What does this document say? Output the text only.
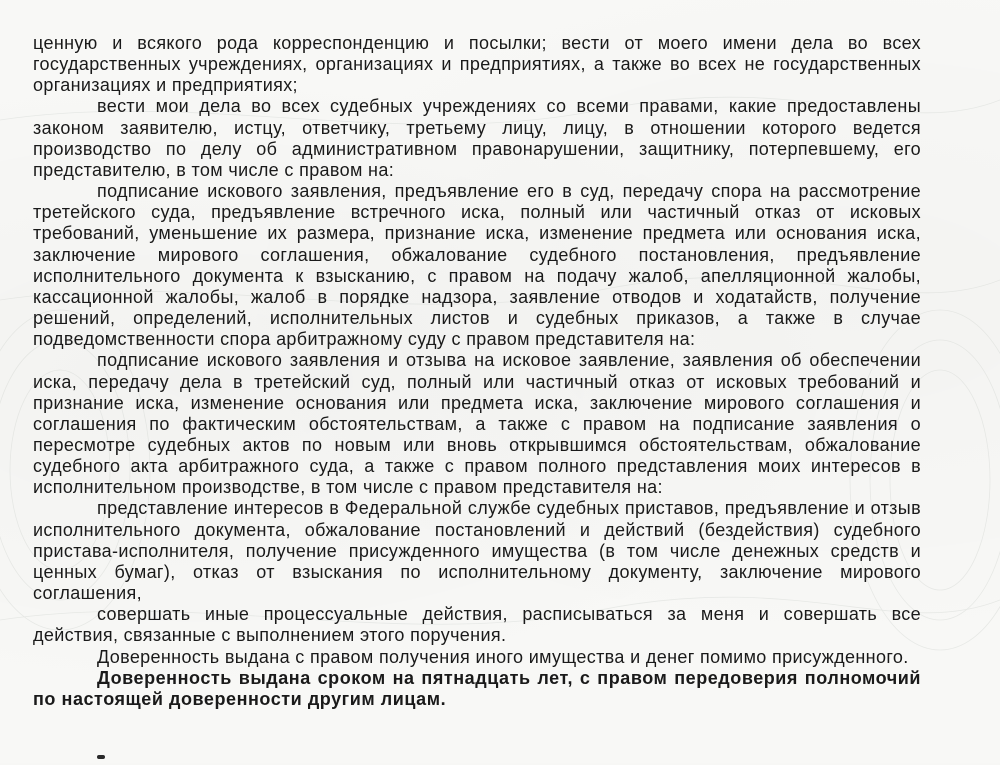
ценную и всякого рода корреспонденцию и посылки; вести от моего имени дела во всех государственных учреждениях, организациях и предприятиях, а также во всех не государственных организациях и предприятиях;

вести мои дела во всех судебных учреждениях со всеми правами, какие предоставлены законом заявителю, истцу, ответчику, третьему лицу, лицу, в отношении которого ведется производство по делу об административном правонарушении, защитнику, потерпевшему, его представителю, в том числе с правом на:

подписание искового заявления, предъявление его в суд, передачу спора на рассмотрение третейского суда, предъявление встречного иска, полный или частичный отказ от исковых требований, уменьшение их размера, признание иска, изменение предмета или основания иска, заключение мирового соглашения, обжалование судебного постановления, предъявление исполнительного документа к взысканию, с правом на подачу жалоб, апелляционной жалобы, кассационной жалобы, жалоб в порядке надзора, заявление отводов и ходатайств, получение решений, определений, исполнительных листов и судебных приказов, а также в случае подведомственности спора арбитражному суду с правом представителя на:

подписание искового заявления и отзыва на исковое заявление, заявления об обеспечении иска, передачу дела в третейский суд, полный или частичный отказ от исковых требований и признание иска, изменение основания или предмета иска, заключение мирового соглашения и соглашения по фактическим обстоятельствам, а также с правом на подписание заявления о пересмотре судебных актов по новым или вновь открывшимся обстоятельствам, обжалование судебного акта арбитражного суда, а также с правом полного представления моих интересов в исполнительном производстве, в том числе с правом представителя на:

представление интересов в Федеральной службе судебных приставов, предъявление и отзыв исполнительного документа, обжалование постановлений и действий (бездействия) судебного пристава-исполнителя, получение присужденного имущества (в том числе денежных средств и ценных бумаг), отказ от взыскания по исполнительному документу, заключение мирового соглашения,

совершать иные процессуальные действия, расписываться за меня и совершать все действия, связанные с выполнением этого поручения.

Доверенность выдана с правом получения иного имущества и денег помимо присужденного.

Доверенность выдана сроком на пятнадцать лет, с правом передоверия полномочий по настоящей доверенности другим лицам.
